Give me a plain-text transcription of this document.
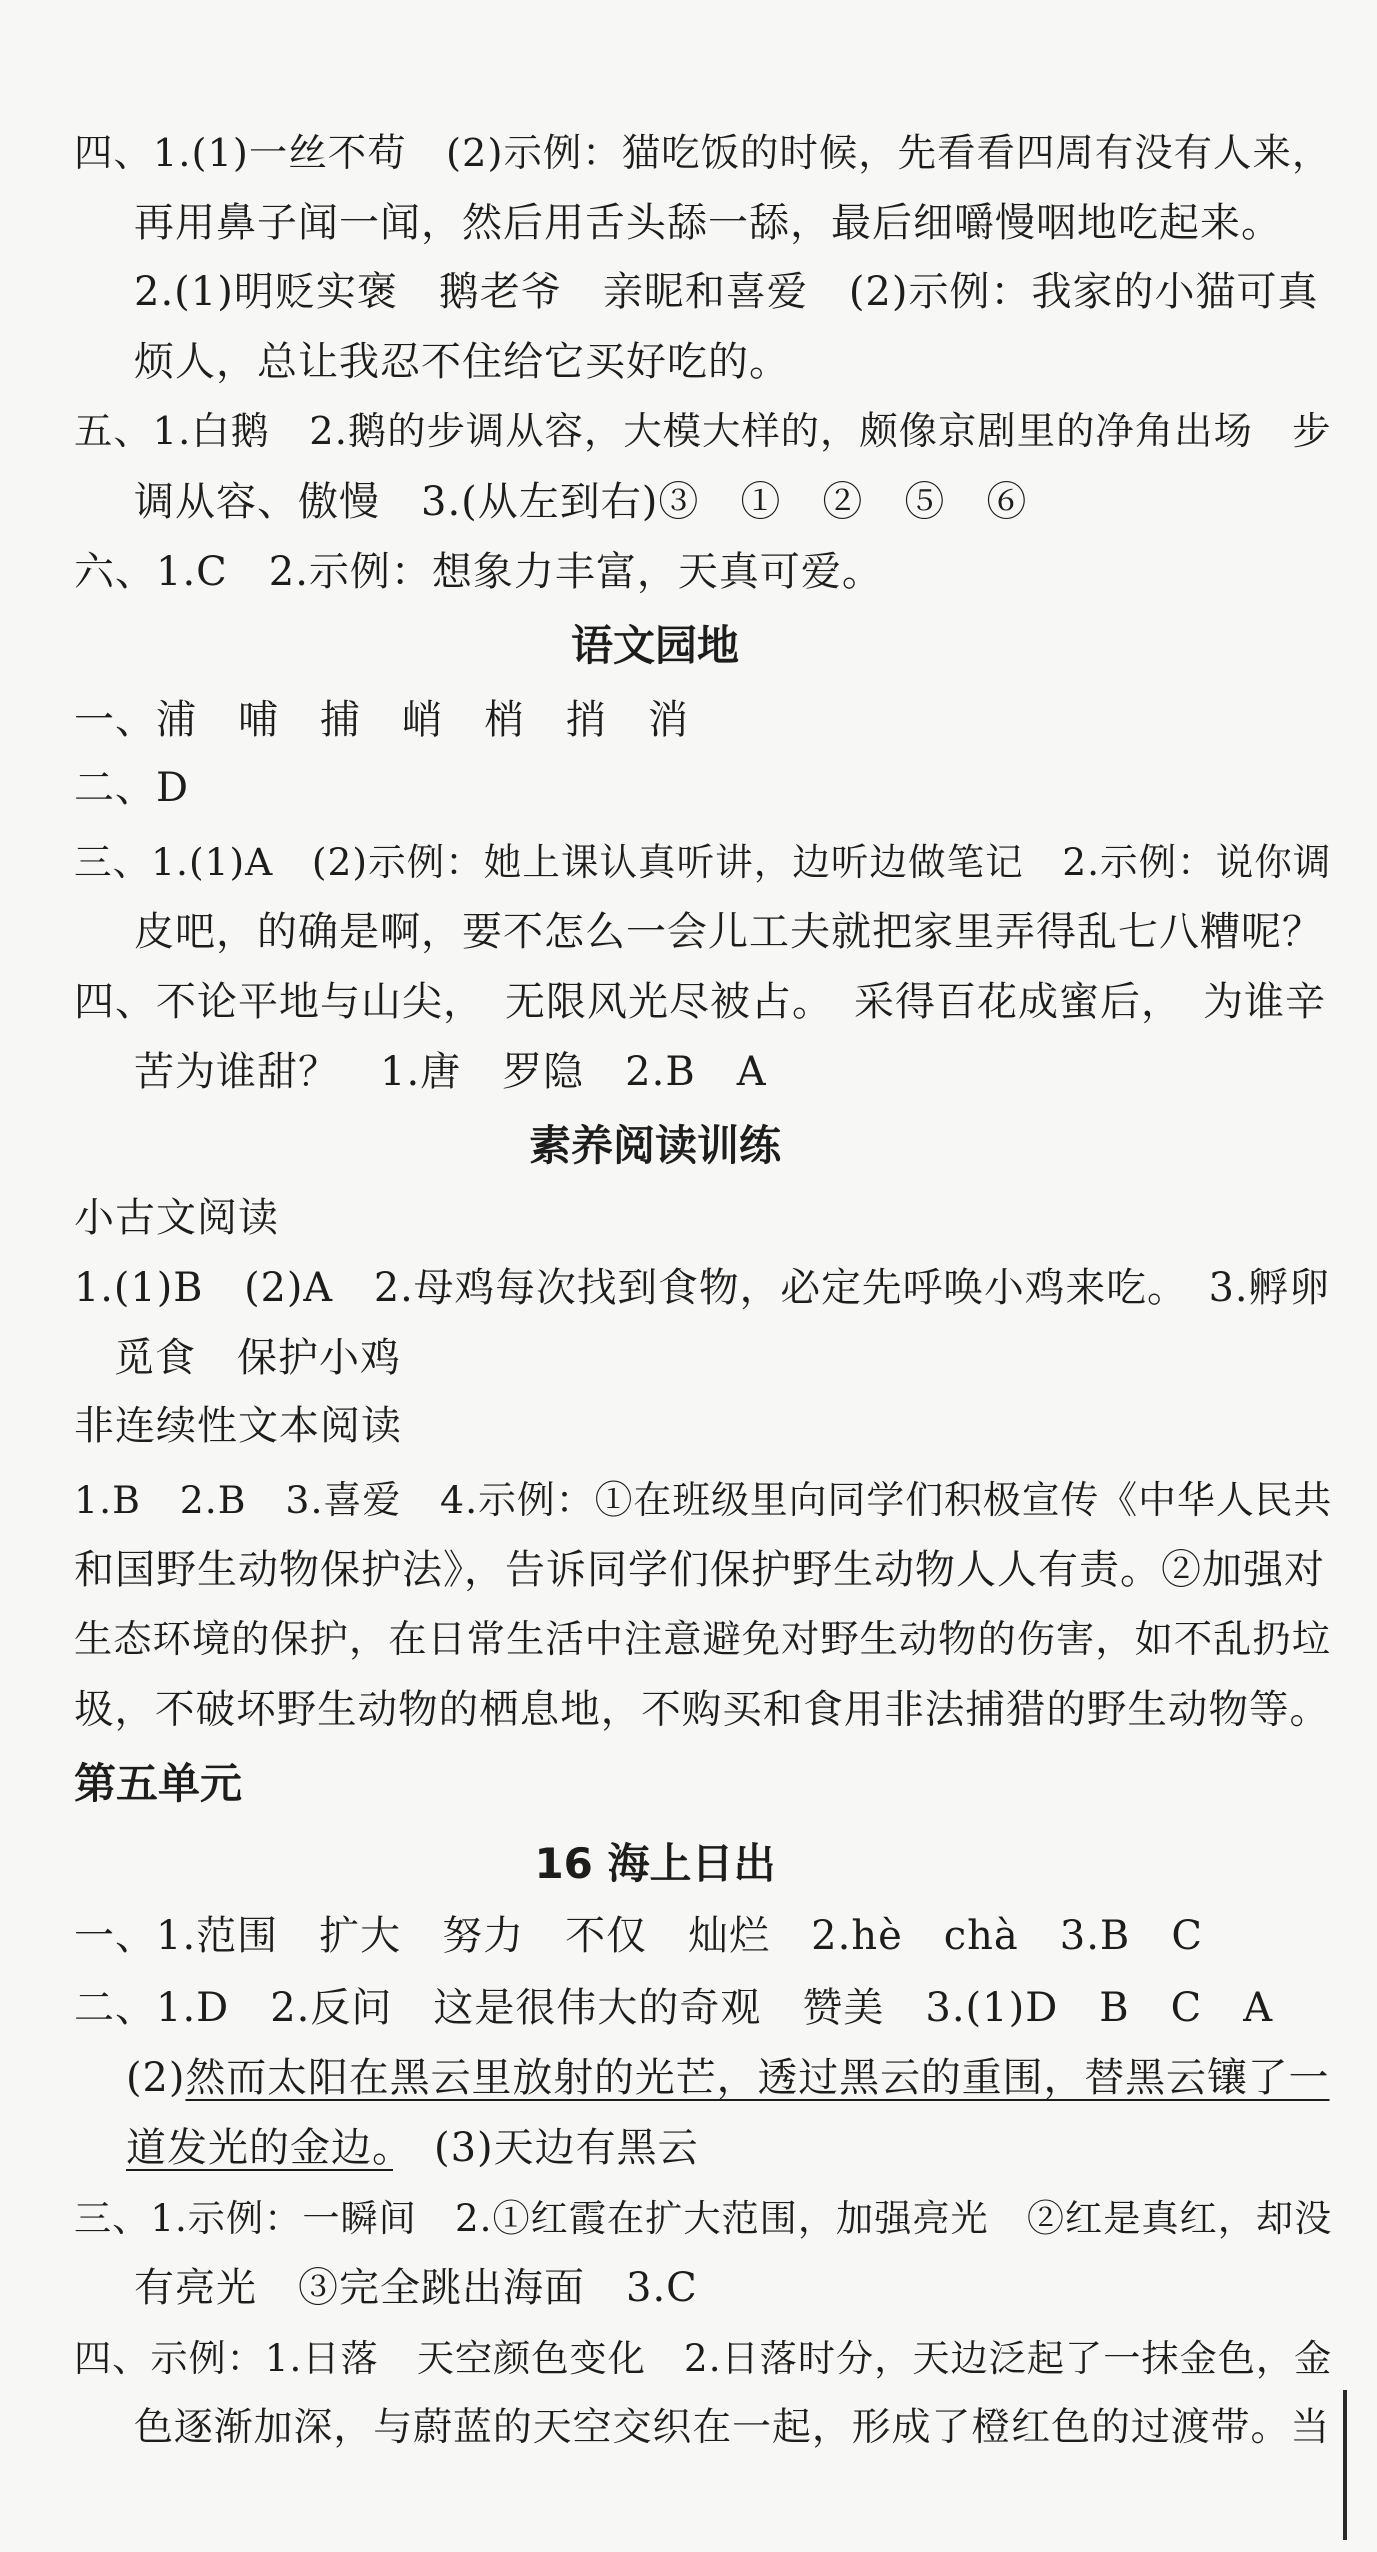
四、1.(1)一丝不苟　(2)示例：猫吃饭的时候，先看看四周有没有人来，
再用鼻子闻一闻，然后用舌头舔一舔，最后细嚼慢咽地吃起来。
2.(1)明贬实褒　鹅老爷　亲昵和喜爱　(2)示例：我家的小猫可真
烦人，总让我忍不住给它买好吃的。
五、1.白鹅　2.鹅的步调从容，大模大样的，颇像京剧里的净角出场　步
调从容、傲慢　3.(从左到右)③　①　②　⑤　⑥
六、1.C　2.示例：想象力丰富，天真可爱。
语文园地
一、浦　哺　捕　峭　梢　捎　消
二、D
三、1.(1)A　(2)示例：她上课认真听讲，边听边做笔记　2.示例：说你调
皮吧，的确是啊，要不怎么一会儿工夫就把家里弄得乱七八糟呢？
四、不论平地与山尖，　无限风光尽被占。　采得百花成蜜后，　为谁辛
苦为谁甜？　1.唐　罗隐　2.B　A
素养阅读训练
小古文阅读
1.(1)B　(2)A　2.母鸡每次找到食物，必定先呼唤小鸡来吃。　3.孵卵
觅食　保护小鸡
非连续性文本阅读
1.B　2.B　3.喜爱　4.示例：①在班级里向同学们积极宣传《中华人民共
和国野生动物保护法》，告诉同学们保护野生动物人人有责。②加强对
生态环境的保护，在日常生活中注意避免对野生动物的伤害，如不乱扔垃
圾，不破坏野生动物的栖息地，不购买和食用非法捕猎的野生动物等。
第五单元
16 海上日出
一、1.范围　扩大　努力　不仅　灿烂　2.hè　chà　3.B　C
二、1.D　2.反问　这是很伟大的奇观　赞美　3.(1)D　B　C　A
(2)然而太阳在黑云里放射的光芒，透过黑云的重围，替黑云镶了一
道发光的金边。　(3)天边有黑云
三、1.示例：一瞬间　2.①红霞在扩大范围，加强亮光　②红是真红，却没
有亮光　③完全跳出海面　3.C
四、示例：1.日落　天空颜色变化　2.日落时分，天边泛起了一抹金色，金
色逐渐加深，与蔚蓝的天空交织在一起，形成了橙红色的过渡带。当
